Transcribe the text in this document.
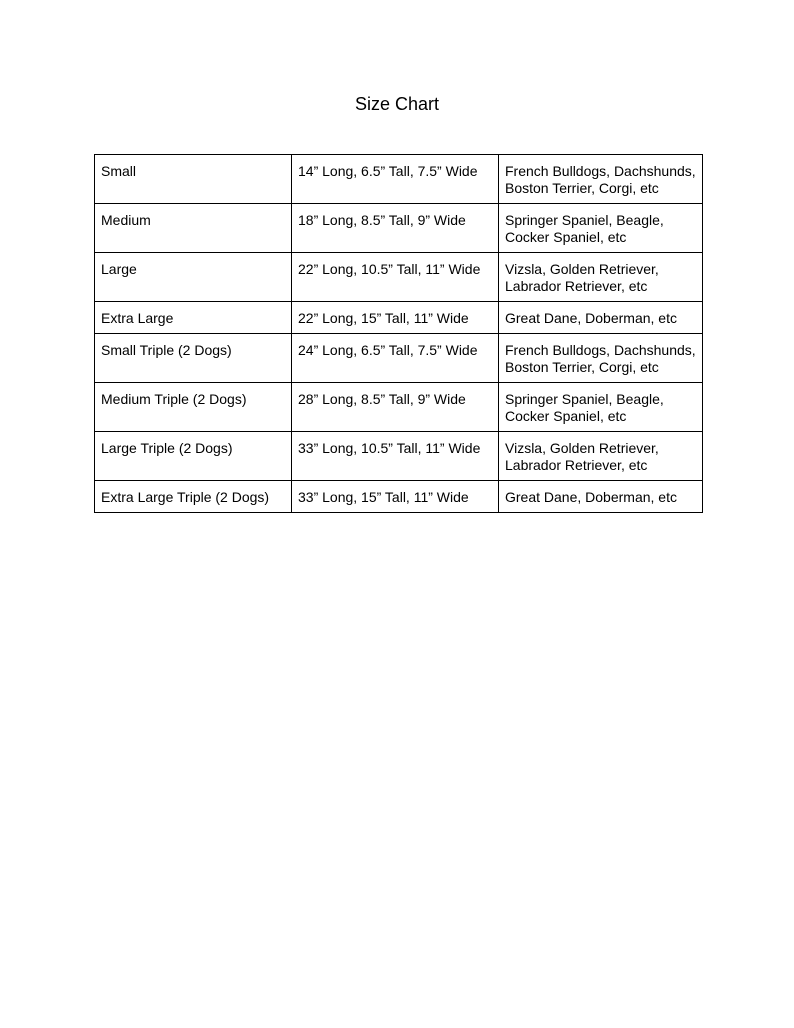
Size Chart
Small	14” Long, 6.5” Tall, 7.5” Wide	French Bulldogs, Dachshunds, Boston Terrier, Corgi, etc
Medium	18” Long, 8.5” Tall, 9” Wide	Springer Spaniel, Beagle, Cocker Spaniel, etc
Large	22” Long, 10.5” Tall, 11” Wide	Vizsla, Golden Retriever, Labrador Retriever, etc
Extra Large	22” Long, 15” Tall, 11” Wide	Great Dane, Doberman, etc
Small Triple (2 Dogs)	24” Long, 6.5” Tall, 7.5” Wide	French Bulldogs, Dachshunds, Boston Terrier, Corgi, etc
Medium Triple (2 Dogs)	28” Long, 8.5” Tall, 9” Wide	Springer Spaniel, Beagle, Cocker Spaniel, etc
Large Triple (2 Dogs)	33” Long, 10.5” Tall, 11” Wide	Vizsla, Golden Retriever, Labrador Retriever, etc
Extra Large Triple (2 Dogs)	33” Long, 15” Tall, 11” Wide	Great Dane, Doberman, etc
